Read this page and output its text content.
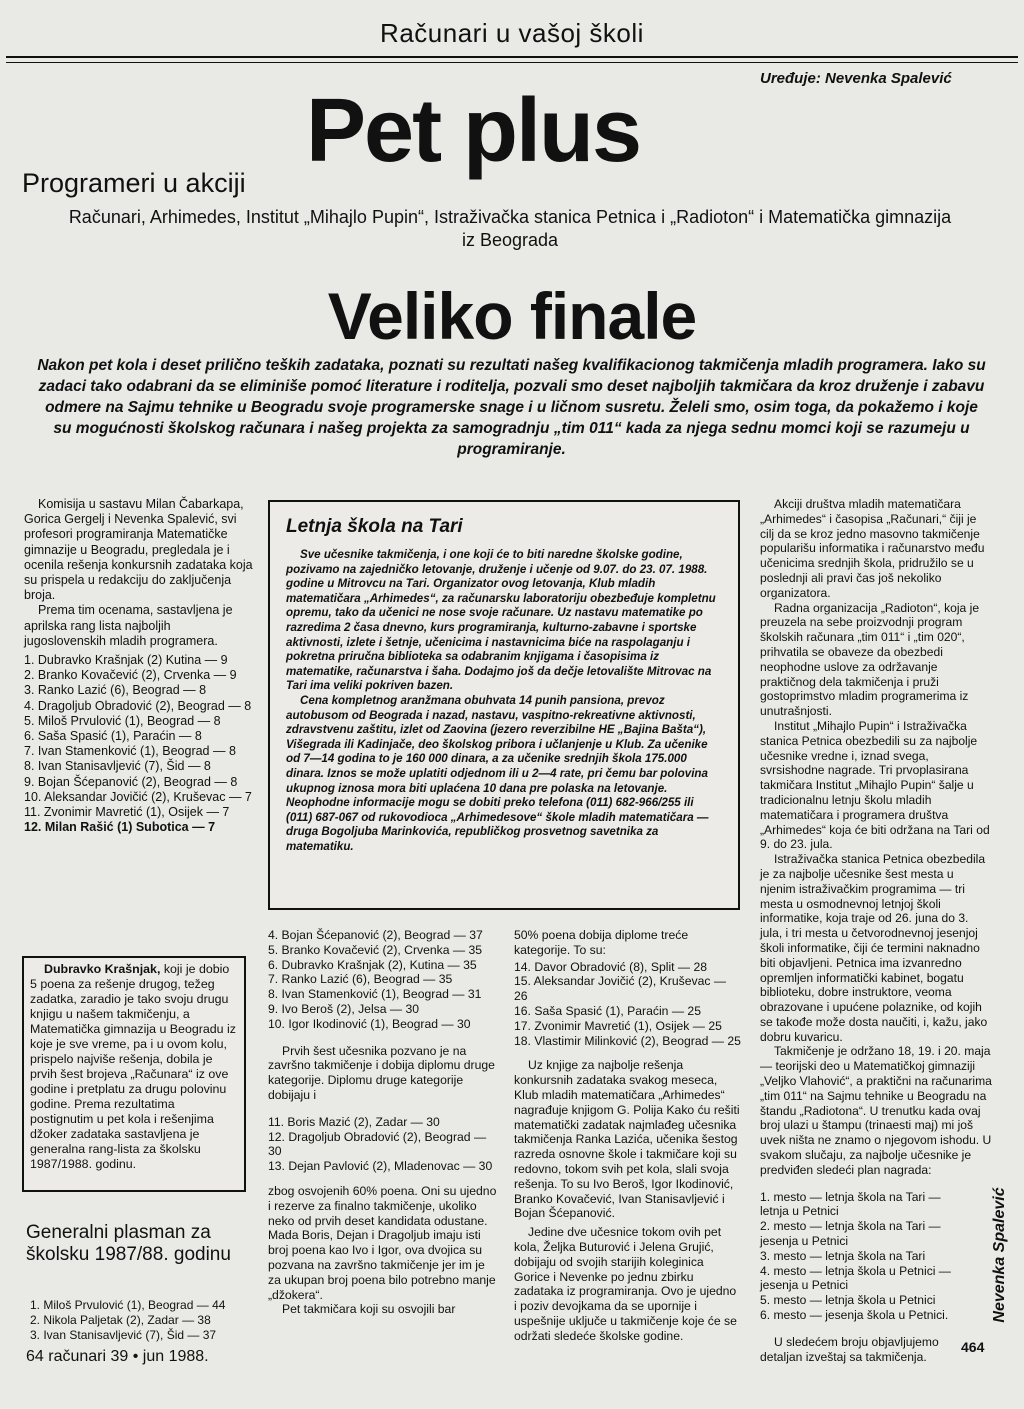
Računari u vašoj školi
Uređuje: Nevenka Spalević
Pet plus
Programeri u akciji
Računari, Arhimedes, Institut „Mihajlo Pupin“, Istraživačka stanica Petnica i „Radioton“ i Matematička gimnazija iz Beograda
Veliko finale
Nakon pet kola i deset prilično teških zadataka, poznati su rezultati našeg kvalifikacionog takmičenja mladih programera. Iako su zadaci tako odabrani da se eliminiše pomoć literature i roditelja, pozvali smo deset najboljih takmičara da kroz druženje i zabavu odmere na Sajmu tehnike u Beogradu svoje programerske snage i u ličnom susretu. Želeli smo, osim toga, da pokažemo i koje su mogućnosti školskog računara i našeg projekta za samogradnju „tim 011“ kada za njega sednu momci koji se razumeju u programiranje.

Komisija u sastavu Milan Čabarkapa, Gorica Gergelj i Nevenka Spalević, svi profesori programiranja Matematičke gimnazije u Beogradu, pregledala je i ocenila rešenja konkursnih zadataka koja su prispela u redakciju do zaključenja broja.

Prema tim ocenama, sastavljena je aprilska rang lista najboljih jugoslovenskih mladih programera.

1. Dubravko Krašnjak (2) Kutina — 9
2. Branko Kovačević (2), Crvenka — 9
3. Ranko Lazić (6), Beograd — 8
4. Dragoljub Obradović (2), Beograd — 8
5. Miloš Prvulović (1), Beograd — 8
6. Saša Spasić (1), Paraćin — 8
7. Ivan Stamenković (1), Beograd — 8
8. Ivan Stanisavljević (7), Šid — 8
9. Bojan Šćepanović (2), Beograd — 8
10. Aleksandar Jovičić (2), Kruševac — 7
11. Zvonimir Mavretić (1), Osijek — 7
12. Milan Rašić (1) Subotica — 7

Dubravko Krašnjak, koji je dobio 5 poena za rešenje drugog, težeg zadatka, zaradio je tako svoju drugu knjigu u našem takmičenju, a Matematička gimnazija u Beogradu iz koje je sve vreme, pa i u ovom kolu, prispelo najviše rešenja, dobila je prvih šest brojeva „Računara“ iz ove godine i pretplatu za drugu polovinu godine. Prema rezultatima postignutim u pet kola i rešenjima džoker zadataka sastavljena je generalna rang-lista za školsku 1987/1988. godinu.

Generalni plasman za školsku 1987/88. godinu
1. Miloš Prvulović (1), Beograd — 44
2. Nikola Paljetak (2), Zadar — 38
3. Ivan Stanisavljević (7), Šid — 37
64 računari 39 • jun 1988.
Letnja škola na Tari

Sve učesnike takmičenja, i one koji će to biti naredne školske godine, pozivamo na zajedničko letovanje, druženje i učenje od 9.07. do 23. 07. 1988. godine u Mitrovcu na Tari. Organizator ovog letovanja, Klub mladih matematičara „Arhimedes“, za računarsku laboratoriju obezbeđuje kompletnu opremu, tako da učenici ne nose svoje računare. Uz nastavu matematike po razredima 2 časa dnevno, kurs programiranja, kulturno-zabavne i sportske aktivnosti, izlete i šetnje, učenicima i nastavnicima biće na raspolaganju i pokretna priručna biblioteka sa odabranim knjigama i časopisima iz matematike, računarstva i šaha. Dodajmo još da dečje letovalište Mitrovac na Tari ima veliki pokriven bazen.

Cena kompletnog aranžmana obuhvata 14 punih pansiona, prevoz autobusom od Beograda i nazad, nastavu, vaspitno-rekreativne aktivnosti, zdravstvenu zaštitu, izlet od Zaovina (jezero reverzibilne HE „Bajina Bašta“), Višegrada ili Kadinjače, deo školskog pribora i učlanjenje u Klub. Za učenike od 7—14 godina to je 160 000 dinara, a za učenike srednjih škola 175.000 dinara. Iznos se može uplatiti odjednom ili u 2—4 rate, pri čemu bar polovina ukupnog iznosa mora biti uplaćena 10 dana pre polaska na letovanje. Neophodne informacije mogu se dobiti preko telefona (011) 682-966/255 ili (011) 687-067 od rukovodioca „Arhimedesove“ škole mladih matematičara — druga Bogoljuba Marinkovića, republičkog prosvetnog savetnika za matematiku.

4. Bojan Šćepanović (2), Beograd — 37
5. Branko Kovačević (2), Crvenka — 35
6. Dubravko Krašnjak (2), Kutina — 35
7. Ranko Lazić (6), Beograd — 35
8. Ivan Stamenković (1), Beograd — 31
9. Ivo Beroš (2), Jelsa — 30
10. Igor Ikodinović (1), Beograd — 30

Prvih šest učesnika pozvano je na završno takmičenje i dobija diplomu druge kategorije. Diplomu druge kategorije dobijaju i

11. Boris Mazić (2), Zadar — 30
12. Dragoljub Obradović (2), Beograd — 30
13. Dejan Pavlović (2), Mladenovac — 30

zbog osvojenih 60% poena. Oni su ujedno i rezerve za finalno takmičenje, ukoliko neko od prvih deset kandidata odustane. Mada Boris, Dejan i Dragoljub imaju isti broj poena kao Ivo i Igor, ova dvojica su pozvana na završno takmičenje jer im je za ukupan broj poena bilo potrebno manje „džokera“.

Pet takmičara koji su osvojili bar

50% poena dobija diplome treće kategorije. To su:

14. Davor Obradović (8), Split — 28
15. Aleksandar Jovičić (2), Kruševac — 26
16. Saša Spasić (1), Paraćin — 25
17. Zvonimir Mavretić (1), Osijek — 25
18. Vlastimir Milinković (2), Beograd — 25

Uz knjige za najbolje rešenja konkursnih zadataka svakog meseca, Klub mladih matematičara „Arhimedes“ nagrađuje knjigom G. Polija Kako ću rešiti matematički zadatak najmlađeg učesnika takmičenja Ranka Lazića, učenika šestog razreda osnovne škole i takmičare koji su redovno, tokom svih pet kola, slali svoja rešenja. To su Ivo Beroš, Igor Ikodinović, Branko Kovačević, Ivan Stanisavljević i Bojan Šćepanović.

Jedine dve učesnice tokom ovih pet kola, Željka Buturović i Jelena Grujić, dobijaju od svojih starijih koleginica Gorice i Nevenke po jednu zbirku zadataka iz programiranja. Ovo je ujedno i poziv devojkama da se upornije i uspešnije uključe u takmičenje koje će se održati sledeće školske godine.

Akciji društva mladih matematičara „Arhimedes“ i časopisa „Računari,“ čiji je cilj da se kroz jedno masovno takmičenje popularišu informatika i računarstvo među učenicima srednjih škola, pridružilo se u poslednji ali pravi čas još nekoliko organizatora.

Radna organizacija „Radioton“, koja je preuzela na sebe proizvodnji program školskih računara „tim 011“ i „tim 020“, prihvatila se obaveze da obezbedi neophodne uslove za održavanje praktičnog dela takmičenja i pruži gostoprimstvo mladim programerima iz unutrašnjosti.

Institut „Mihajlo Pupin“ i Istraživačka stanica Petnica obezbedili su za najbolje učesnike vredne i, iznad svega, svrsishodne nagrade. Tri prvoplasirana takmičara Institut „Mihajlo Pupin“ šalje u tradicionalnu letnju školu mladih matematičara i programera društva „Arhimedes“ koja će biti održana na Tari od 9. do 23. jula.

Istraživačka stanica Petnica obezbedila je za najbolje učesnike šest mesta u njenim istraživačkim programima — tri mesta u osmodnevnoj letnjoj školi informatike, koja traje od 26. juna do 3. jula, i tri mesta u četvorodnevnoj jesenjoj školi informatike, čiji će termini naknadno biti objavljeni. Petnica ima izvanredno opremljen informatički kabinet, bogatu biblioteku, dobre instruktore, veoma obrazovane i upućene polaznike, od kojih se takođe može dosta naučiti, i, kažu, jako dobru kuvaricu.

Takmičenje je održano 18, 19. i 20. maja — teorijski deo u Matematičkoj gimnaziji „Veljko Vlahović“, a praktični na računarima „tim 011“ na Sajmu tehnike u Beogradu na štandu „Radiotona“. U trenutku kada ovaj broj ulazi u štampu (trinaesti maj) mi još uvek ništa ne znamo o njegovom ishodu. U svakom slučaju, za najbolje učesnike je predviđen sledeći plan nagrada:

1. mesto — letnja škola na Tari — letnja u Petnici
2. mesto — letnja škola na Tari — jesenja u Petnici
3. mesto — letnja škola na Tari
4. mesto — letnja škola u Petnici — jesenja u Petnici
5. mesto — letnja škola u Petnici
6. mesto — jesenja škola u Petnici.

U sledećem broju objavljujemo detaljan izveštaj sa takmičenja.

Nevenka Spalević
464
